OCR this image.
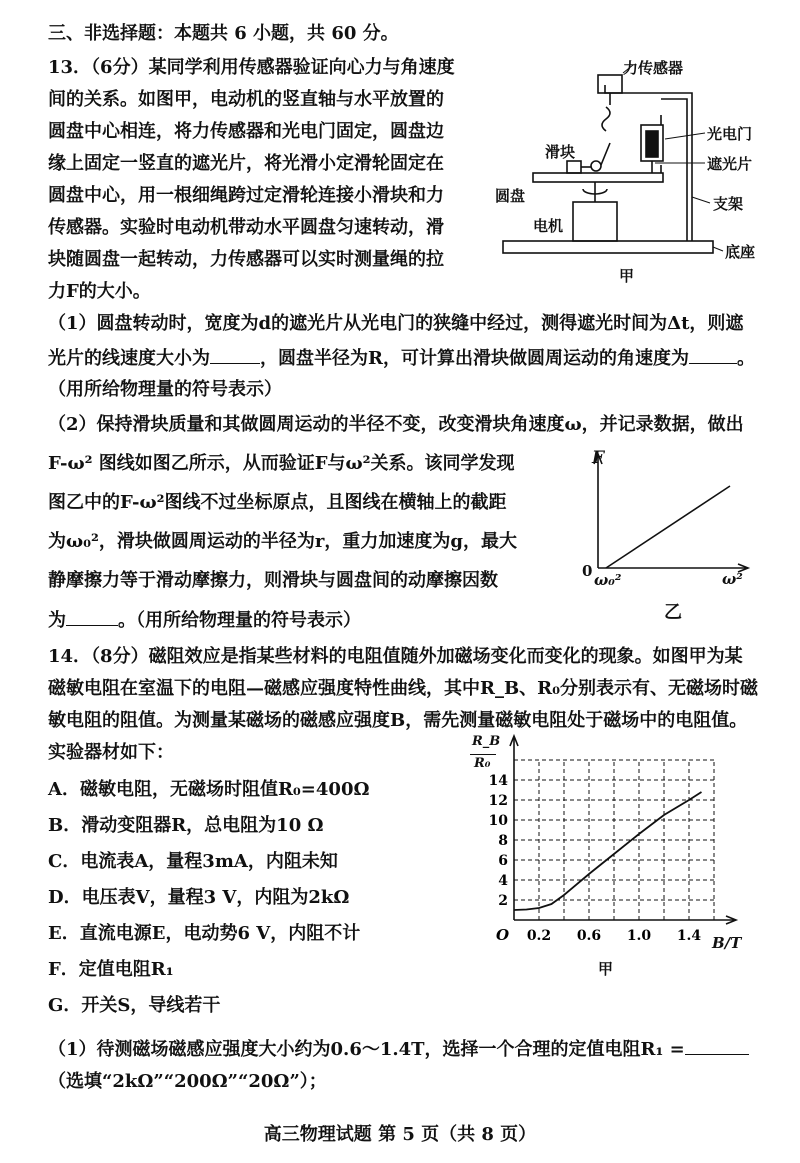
三、非选择题：本题共 6 小题，共 60 分。
13．（6分）某同学利用传感器验证向心力与角速度
间的关系。如图甲，电动机的竖直轴与水平放置的
圆盘中心相连，将力传感器和光电门固定，圆盘边
缘上固定一竖直的遮光片，将光滑小定滑轮固定在
圆盘中心，用一根细绳跨过定滑轮连接小滑块和力
传感器。实验时电动机带动水平圆盘匀速转动，滑
块随圆盘一起转动，力传感器可以实时测量绳的拉
力F的大小。
力传感器
光电门
滑块
遮光片
圆盘	支架
电机
底座
甲
（1）圆盘转动时，宽度为d的遮光片从光电门的狭缝中经过，测得遮光时间为Δt，则遮
光片的线速度大小为	，圆盘半径为R，可计算出滑块做圆周运动的角速度为	。
（用所给物理量的符号表示）
（2）保持滑块质量和其做圆周运动的半径不变，改变滑块角速度ω，并记录数据，做出
F-ω² 图线如图乙所示，从而验证F与ω²关系。该同学发现
图乙中的F-ω²图线不过坐标原点，且图线在横轴上的截距
为ω₀²，滑块做圆周运动的半径为r，重力加速度为g，最大
静摩擦力等于滑动摩擦力，则滑块与圆盘间的动摩擦因数
为	。（用所给物理量的符号表示）
F
0 ω₀²	ω²
乙
14．（8分）磁阻效应是指某些材料的电阻值随外加磁场变化而变化的现象。如图甲为某
磁敏电阻在室温下的电阻—磁感应强度特性曲线，其中R_B、R₀分别表示有、无磁场时磁
敏电阻的阻值。为测量某磁场的磁感应强度B，需先测量磁敏电阻处于磁场中的电阻值。
实验器材如下：
A．磁敏电阻，无磁场时阻值R₀=400Ω
B．滑动变阻器R，总电阻为10 Ω
C．电流表A，量程3mA，内阻未知
D．电压表V，量程3 V，内阻为2kΩ
E．直流电源E，电动势6 V，内阻不计
F．定值电阻R₁
G．开关S，导线若干
2
4
6
8
10
12
14
0.2 0.6 1.0 1.4
O
R_B
R₀
B/T
甲
（1）待测磁场磁感应强度大小约为0.6～1.4T，选择一个合理的定值电阻R₁ =
（选填“2kΩ”“200Ω”“20Ω”）；
高三物理试题 第 5 页（共 8 页）
